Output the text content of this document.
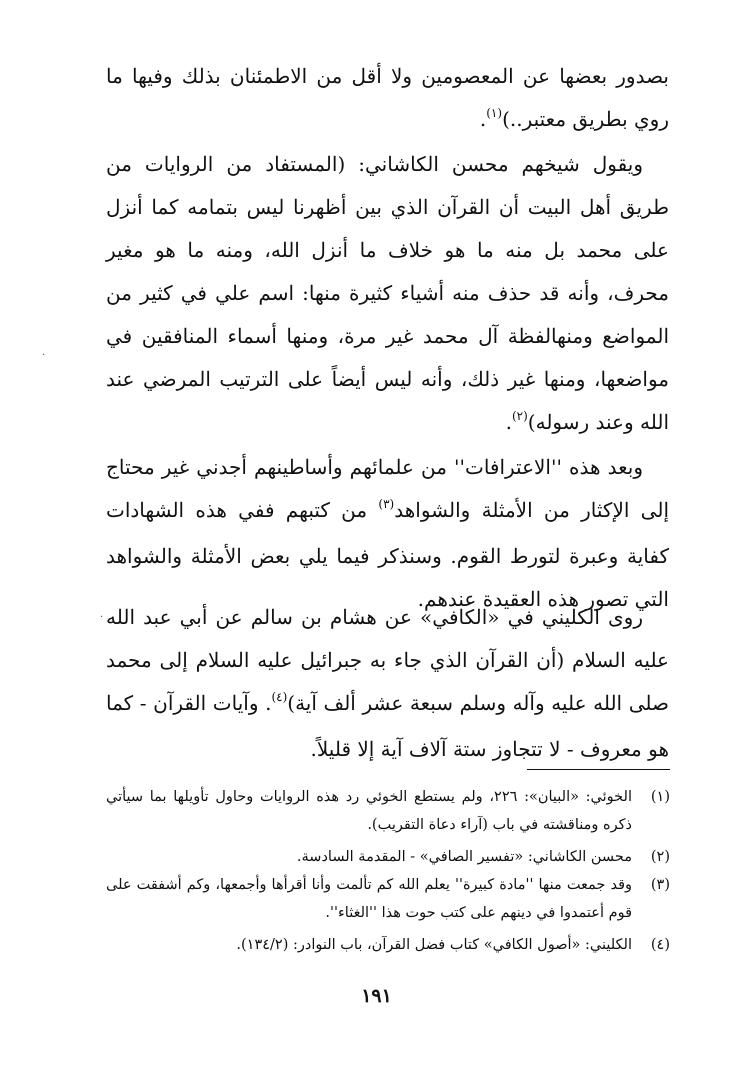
بصدور بعضها عن المعصومين ولا أقل من الاطمئنان بذلك وفيها ما روي بطريق معتبر..)$^{(١)}$.

ويقول شيخهم محسن الكاشاني: (المستفاد من الروايات من طريق أهل البيت أن القرآن الذي بين أظهرنا ليس بتمامه كما أنزل على محمد بل منه ما هو خلاف ما أنزل الله، ومنه ما هو مغير محرف، وأنه قد حذف منه أشياء كثيرة منها: اسم علي في كثير من المواضع ومنهالفظة آل محمد غير مرة، ومنها أسماء المنافقين في مواضعها، ومنها غير ذلك، وأنه ليس أيضاً على الترتيب المرضي عند الله وعند رسوله)$^{(٢)}$.

وبعد هذه ''الاعترافات'' من علمائهم وأساطينهم أجدني غير محتاج إلى الإكثار من الأمثلة والشواهد$^{(٣)}$ من كتبهم ففي هذه الشهادات كفاية وعبرة لتورط القوم. وسنذكر فيما يلي بعض الأمثلة والشواهد التي تصور هذه العقيدة عندهم.

روى الكليني في «الكافي» عن هشام بن سالم عن أبي عبد الله عليه السلام (أن القرآن الذي جاء به جبرائيل عليه السلام إلى محمد صلى الله عليه وآله وسلم سبعة عشر ألف آية)$^{(٤)}$. وآيات القرآن - كما هو معروف - لا تتجاوز ستة آلاف آية إلا قليلاً.

(١)
الخوئي: «البيان»: ٢٢٦، ولم يستطع الخوئي رد هذه الروايات وحاول تأويلها بما سيأتي ذكره ومناقشته في باب (آراء دعاة التقريب).
(٢)
محسن الكاشاني: «تفسير الصافي» - المقدمة السادسة.
(٣)
وقد جمعت منها ''مادة كبيرة'' يعلم الله كم تألمت وأنا أقرأها وأجمعها، وكم أشفقت على قوم أعتمدوا في دينهم على كتب حوت هذا ''الغثاء''.
(٤)
الكليني: «أصول الكافي» كتاب فضل القرآن، باب النوادر: (١٣٤/٢).
١٩١
·
·
